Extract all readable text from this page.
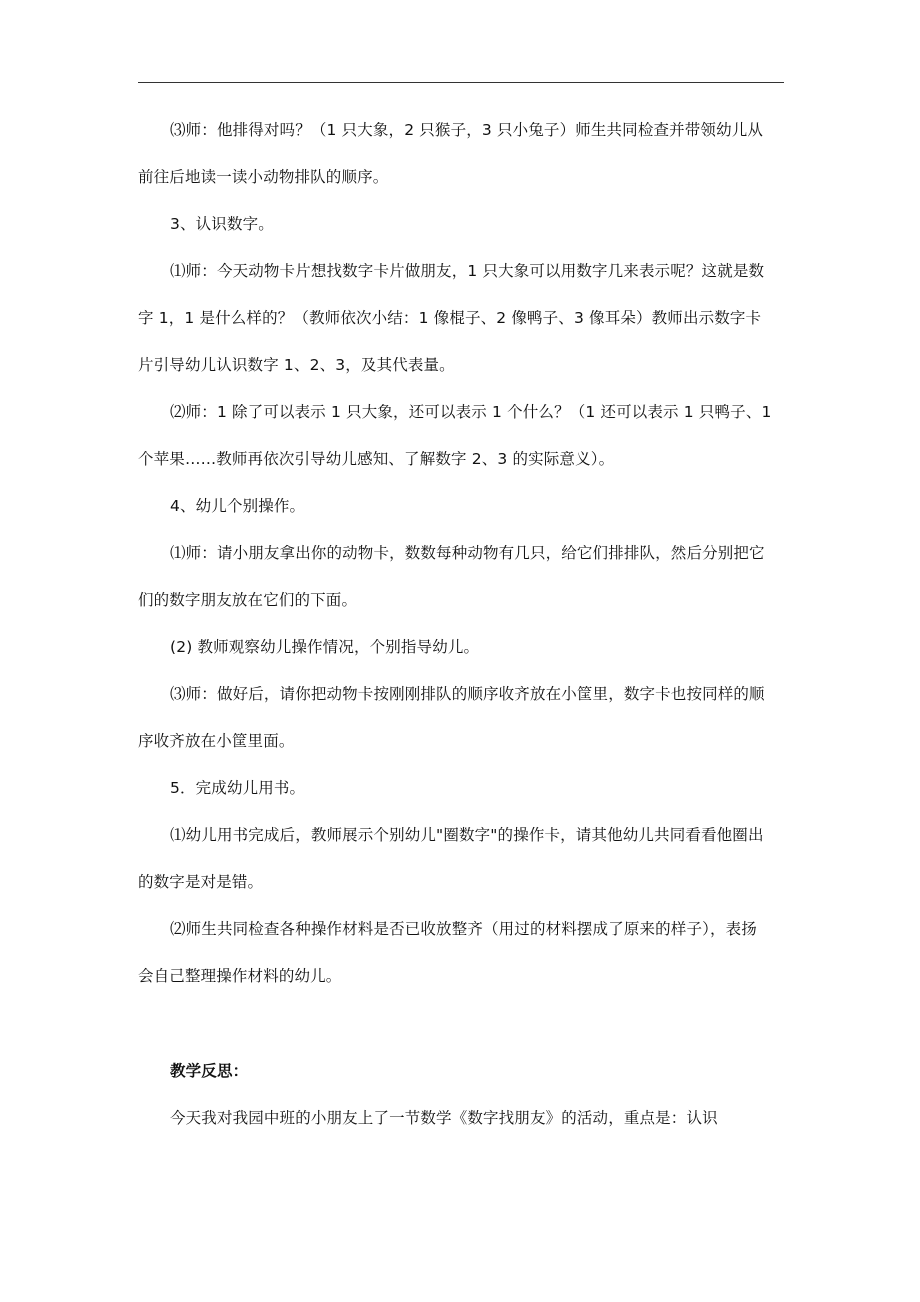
⑶师：他排得对吗？（1 只大象，2 只猴子，3 只小兔子）师生共同检查并带领幼儿从

前往后地读一读小动物排队的顺序。

3、认识数字。

⑴师：今天动物卡片想找数字卡片做朋友，1 只大象可以用数字几来表示呢？这就是数

字 1，1 是什么样的？（教师依次小结：1 像棍子、2 像鸭子、3 像耳朵）教师出示数字卡

片引导幼儿认识数字 1、2、3，及其代表量。

⑵师：1 除了可以表示 1 只大象，还可以表示 1 个什么？（1 还可以表示 1 只鸭子、1

个苹果……教师再依次引导幼儿感知、了解数字 2、3 的实际意义）。

4、幼儿个别操作。

⑴师：请小朋友拿出你的动物卡，数数每种动物有几只，给它们排排队，然后分别把它

们的数字朋友放在它们的下面。

(2) 教师观察幼儿操作情况，个别指导幼儿。

⑶师：做好后，请你把动物卡按刚刚排队的顺序收齐放在小筐里，数字卡也按同样的顺

序收齐放在小筐里面。

5．完成幼儿用书。

⑴幼儿用书完成后，教师展示个别幼儿"圈数字"的操作卡，请其他幼儿共同看看他圈出

的数字是对是错。

⑵师生共同检查各种操作材料是否已收放整齐（用过的材料摆成了原来的样子），表扬

会自己整理操作材料的幼儿。

教学反思：

今天我对我园中班的小朋友上了一节数学《数字找朋友》的活动，重点是：认识
